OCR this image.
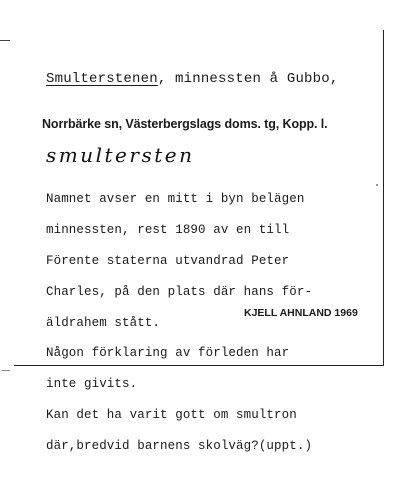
Smulterstenen, minnessten å Gubbo,
Norrbärke sn, Västerbergslags doms. tg, Kopp. l.
smultersten

Namnet avser en mitt i byn belägen

minnessten, rest 1890 av en till

Förente staterna utvandrad Peter

Charles, på den plats där hans för-

äldrahem stått.

Någon förklaring av förleden har

inte givits.

Kan det ha varit gott om smultron

där,bredvid barnens skolväg?(uppt.)

KJELL AHNLAND 1969
